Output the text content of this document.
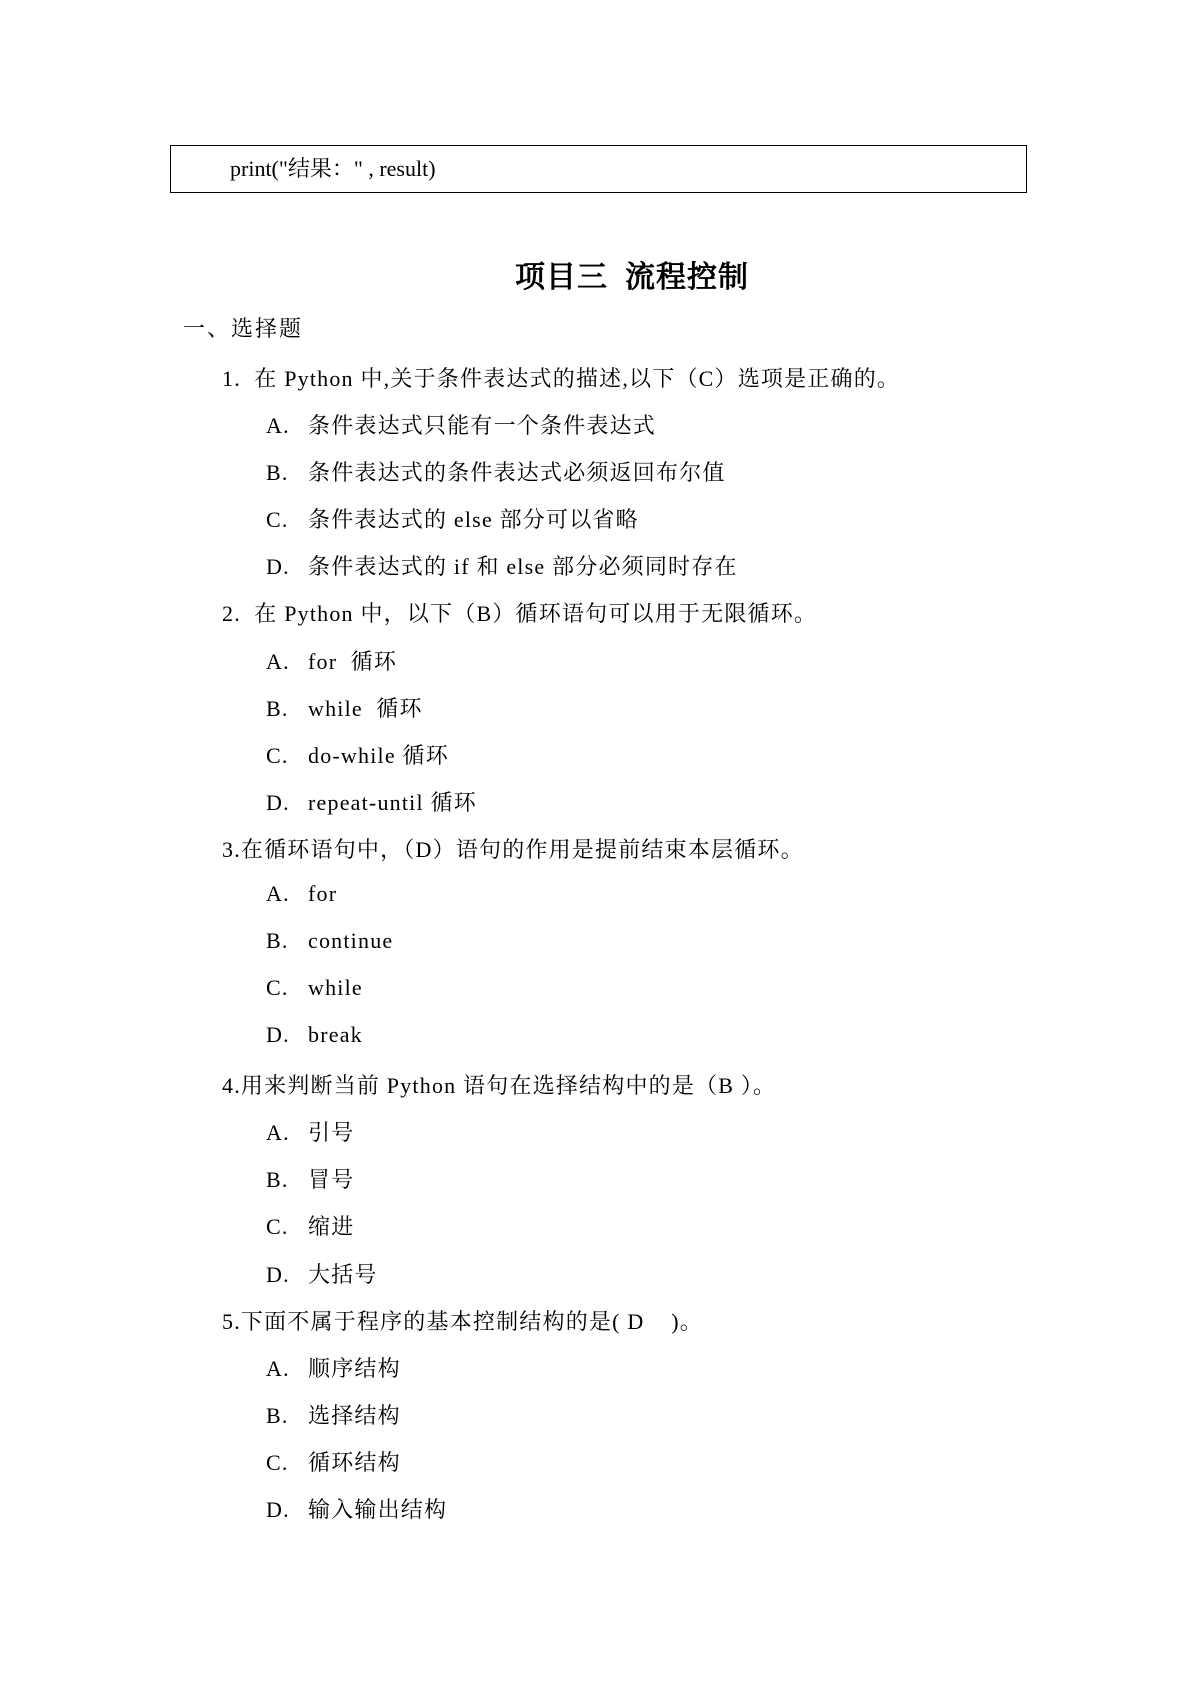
print("结果：" , result)
项目三  流程控制
一、选择题
1.  在 Python 中,关于条件表达式的描述,以下（C）选项是正确的。
A. 条件表达式只能有一个条件表达式
B. 条件表达式的条件表达式必须返回布尔值
C. 条件表达式的 else 部分可以省略
D. 条件表达式的 if 和 else 部分必须同时存在
2.  在 Python 中，以下（B）循环语句可以用于无限循环。
A. for  循环
B. while  循环
C. do-while 循环
D. repeat-until 循环
3.在循环语句中，（D）语句的作用是提前结束本层循环。
A. for
B. continue
C. while
D. break
4.用来判断当前 Python 语句在选择结构中的是（B ）。
A. 引号
B. 冒号
C. 缩进
D. 大括号
5.下面不属于程序的基本控制结构的是( D    )。
A. 顺序结构
B. 选择结构
C. 循环结构
D. 输入输出结构
